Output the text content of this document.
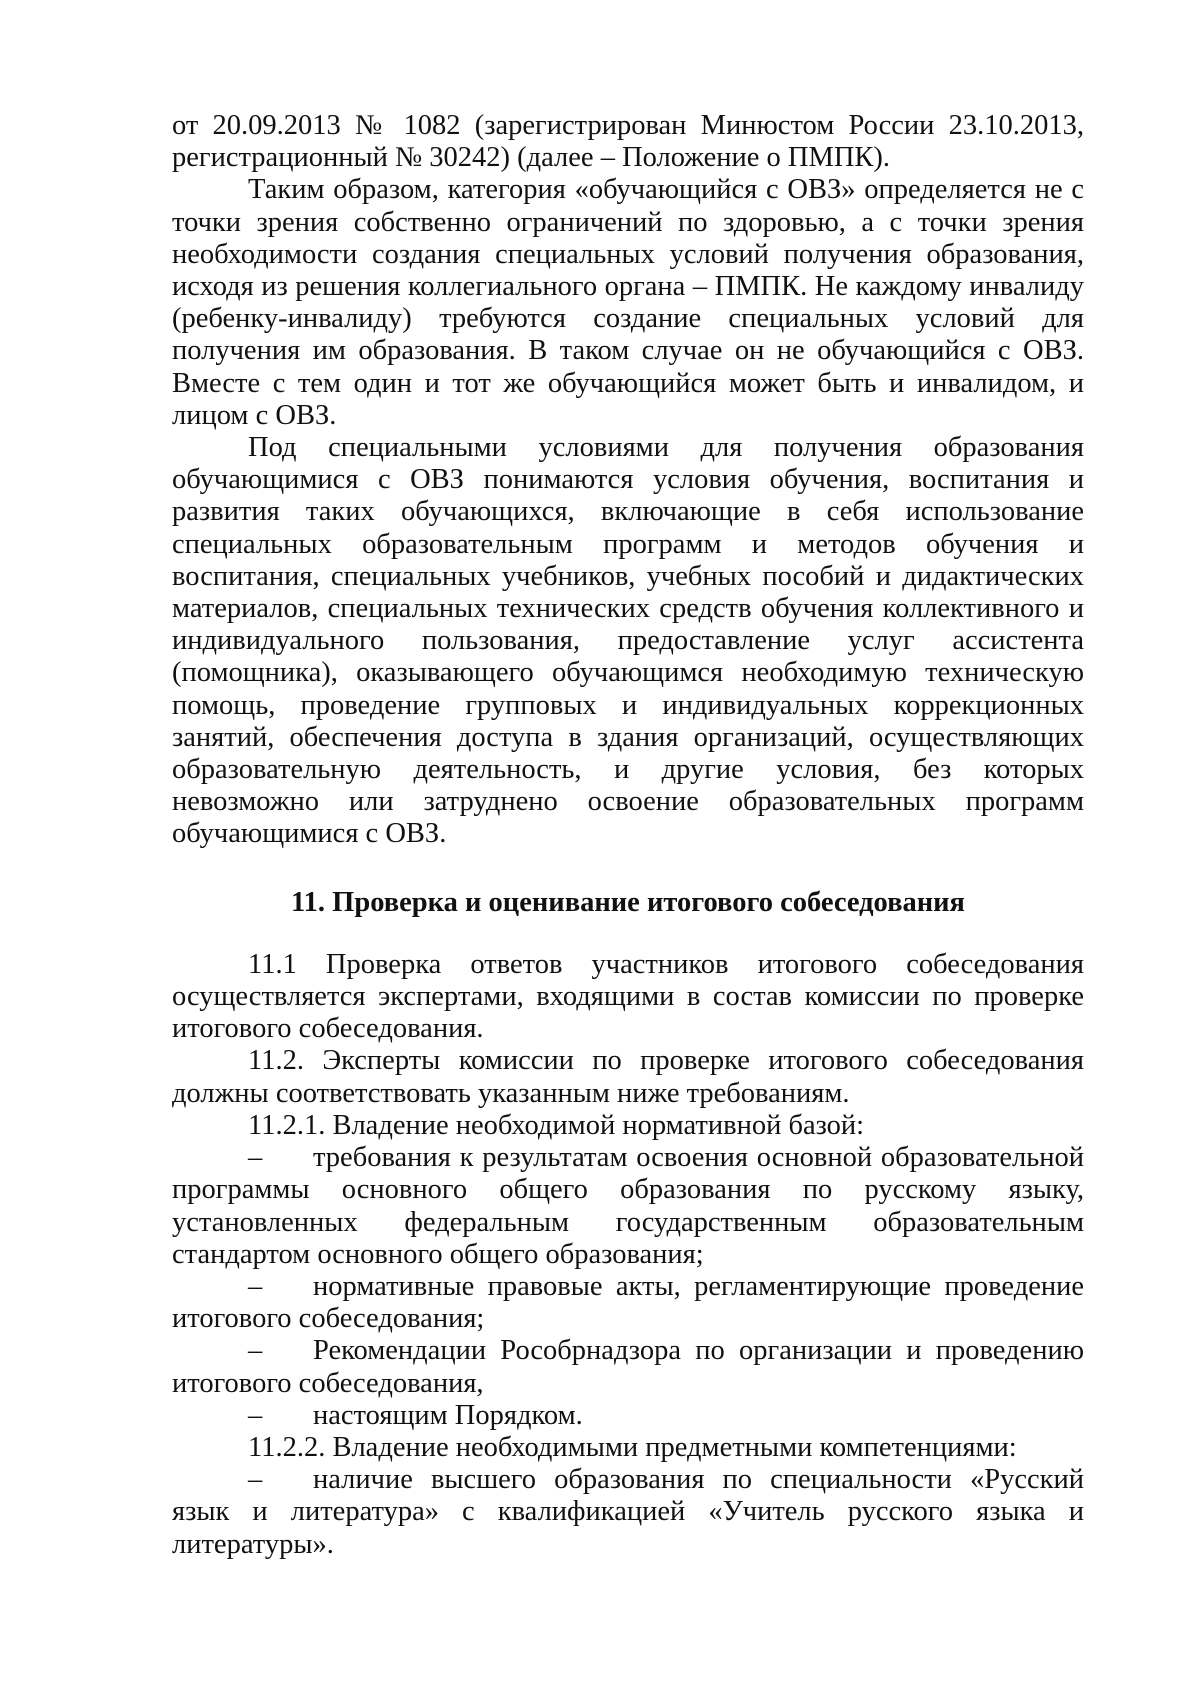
от 20.09.2013 № 1082 (зарегистрирован Минюстом России 23.10.2013, регистрационный № 30242) (далее – Положение о ПМПК).

Таким образом, категория «обучающийся с ОВЗ» определяется не с точки зрения собственно ограничений по здоровью, а с точки зрения необходимости создания специальных условий получения образования, исходя из решения коллегиального органа – ПМПК. Не каждому инвалиду (ребенку-инвалиду) требуются создание специальных условий для получения им образования. В таком случае он не обучающийся с ОВЗ. Вместе с тем один и тот же обучающийся может быть и инвалидом, и лицом с ОВЗ.

Под специальными условиями для получения образования обучающимися с ОВЗ понимаются условия обучения, воспитания и развития таких обучающихся, включающие в себя использование специальных образовательным программ и методов обучения и воспитания, специальных учебников, учебных пособий и дидактических материалов, специальных технических средств обучения коллективного и индивидуального пользования, предоставление услуг ассистента (помощника), оказывающего обучающимся необходимую техническую помощь, проведение групповых и индивидуальных коррекционных занятий, обеспечения доступа в здания организаций, осуществляющих образовательную деятельность, и другие условия, без которых невозможно или затруднено освоение образовательных программ обучающимися с ОВЗ.

11. Проверка и оценивание итогового собеседования

11.1 Проверка ответов участников итогового собеседования осуществляется экспертами, входящими в состав комиссии по проверке итогового собеседования.

11.2. Эксперты комиссии по проверке итогового собеседования должны соответствовать указанным ниже требованиям.

11.2.1. Владение необходимой нормативной базой:

– требования к результатам освоения основной образовательной программы основного общего образования по русскому языку, установленных федеральным государственным образовательным стандартом основного общего образования;

– нормативные правовые акты, регламентирующие проведение итогового собеседования;

– Рекомендации Рособрнадзора по организации и проведению итогового собеседования,

– настоящим Порядком.

11.2.2. Владение необходимыми предметными компетенциями:

– наличие высшего образования по специальности «Русский язык и литература» с квалификацией «Учитель русского языка и литературы».
